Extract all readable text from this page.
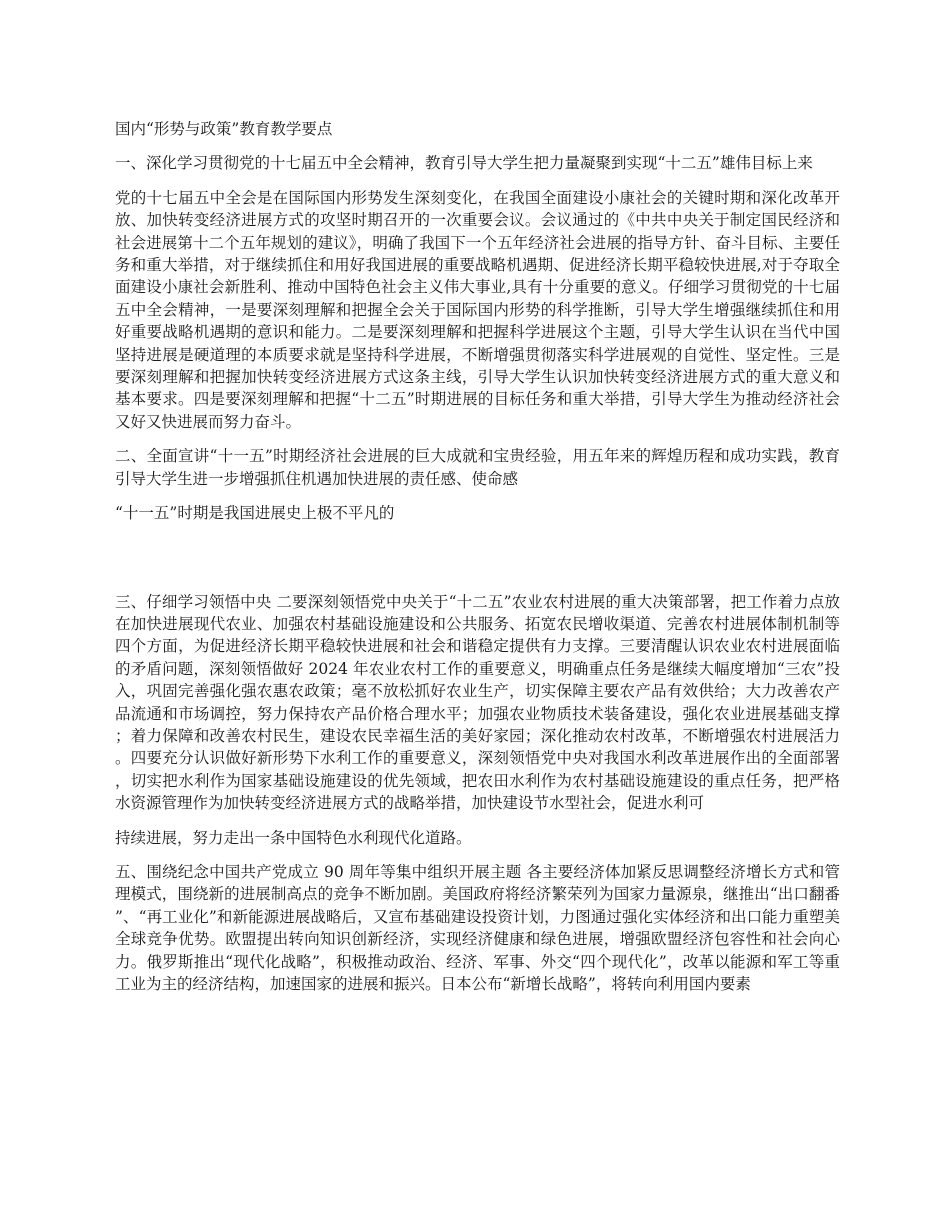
国内“形势与政策”教育教学要点

一、深化学习贯彻党的十七届五中全会精神，教育引导大学生把力量凝聚到实现“十二五”雄伟目标上来

党的十七届五中全会是在国际国内形势发生深刻变化，在我国全面建设小康社会的关键时期和深化改革开放、加快转变经济进展方式的攻坚时期召开的一次重要会议。会议通过的《中共中央关于制定国民经济和社会进展第十二个五年规划的建议》，明确了我国下一个五年经济社会进展的指导方针、奋斗目标、主要任务和重大举措，对于继续抓住和用好我国进展的重要战略机遇期、促进经济长期平稳较快进展,对于夺取全面建设小康社会新胜利、推动中国特色社会主义伟大事业,具有十分重要的意义。仔细学习贯彻党的十七届五中全会精神，一是要深刻理解和把握全会关于国际国内形势的科学推断，引导大学生增强继续抓住和用好重要战略机遇期的意识和能力。二是要深刻理解和把握科学进展这个主题，引导大学生认识在当代中国坚持进展是硬道理的本质要求就是坚持科学进展，不断增强贯彻落实科学进展观的自觉性、坚定性。三是要深刻理解和把握加快转变经济进展方式这条主线，引导大学生认识加快转变经济进展方式的重大意义和基本要求。四是要深刻理解和把握“十二五”时期进展的目标任务和重大举措，引导大学生为推动经济社会又好又快进展而努力奋斗。

二、全面宣讲“十一五”时期经济社会进展的巨大成就和宝贵经验，用五年来的辉煌历程和成功实践，教育引导大学生进一步增强抓住机遇加快进展的责任感、使命感

“十一五”时期是我国进展史上极不平凡的

三、仔细学习领悟中央 二要深刻领悟党中央关于“十二五”农业农村进展的重大决策部署，把工作着力点放在加快进展现代农业、加强农村基础设施建设和公共服务、拓宽农民增收渠道、完善农村进展体制机制等四个方面，为促进经济长期平稳较快进展和社会和谐稳定提供有力支撑。三要清醒认识农业农村进展面临的矛盾问题，深刻领悟做好 2024 年农业农村工作的重要意义，明确重点任务是继续大幅度增加“三农”投入，巩固完善强化强农惠农政策；毫不放松抓好农业生产，切实保障主要农产品有效供给；大力改善农产品流通和市场调控，努力保持农产品价格合理水平；加强农业物质技术装备建设，强化农业进展基础支撑；着力保障和改善农村民生，建设农民幸福生活的美好家园；深化推动农村改革，不断增强农村进展活力。四要充分认识做好新形势下水利工作的重要意义，深刻领悟党中央对我国水利改革进展作出的全面部署，切实把水利作为国家基础设施建设的优先领域，把农田水利作为农村基础设施建设的重点任务，把严格水资源管理作为加快转变经济进展方式的战略举措，加快建设节水型社会，促进水利可

持续进展，努力走出一条中国特色水利现代化道路。

五、围绕纪念中国共产党成立 90 周年等集中组织开展主题 各主要经济体加紧反思调整经济增长方式和管理模式，围绕新的进展制高点的竞争不断加剧。美国政府将经济繁荣列为国家力量源泉，继推出“出口翻番”、“再工业化”和新能源进展战略后，又宣布基础建设投资计划，力图通过强化实体经济和出口能力重塑美全球竞争优势。欧盟提出转向知识创新经济，实现经济健康和绿色进展，增强欧盟经济包容性和社会向心力。俄罗斯推出“现代化战略”，积极推动政治、经济、军事、外交“四个现代化”，改革以能源和军工等重工业为主的经济结构，加速国家的进展和振兴。日本公布“新增长战略”，将转向利用国内要素
